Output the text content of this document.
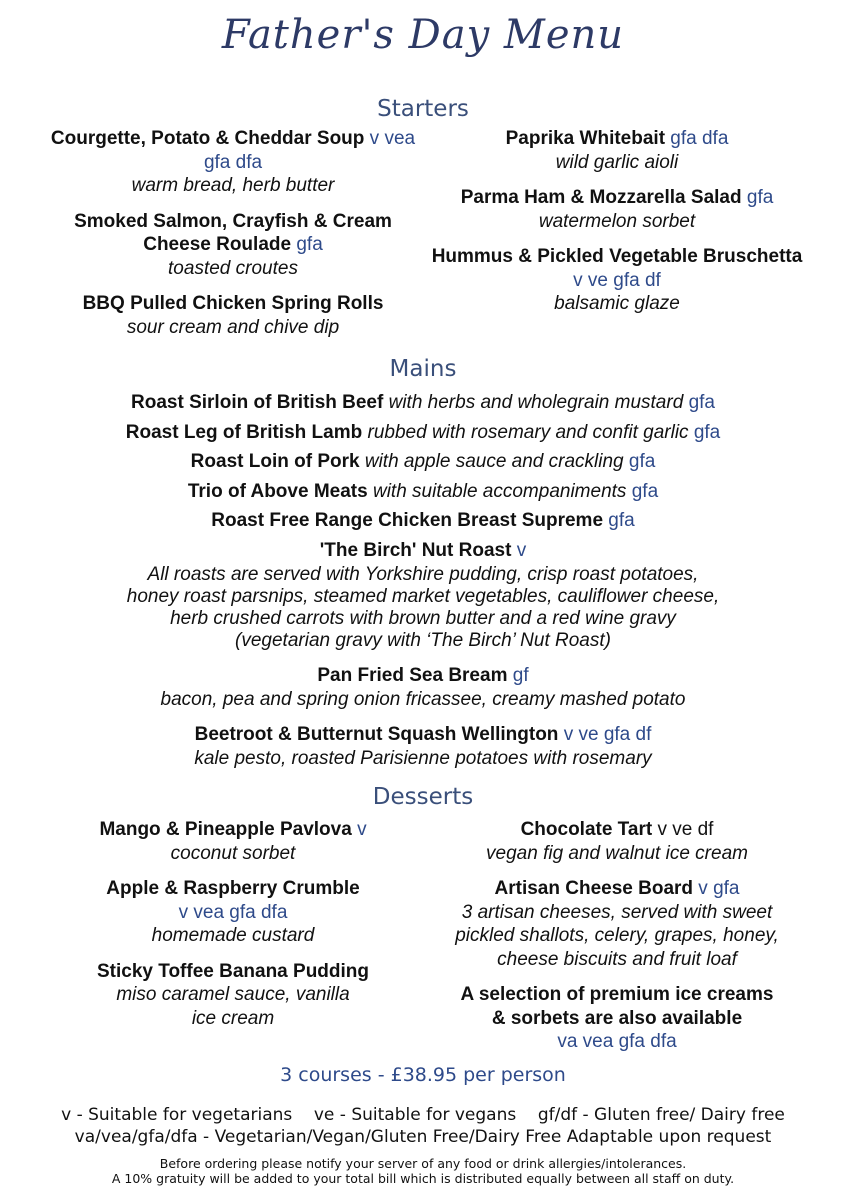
Father's Day Menu
Starters
Courgette, Potato & Cheddar Soup v vea gfa dfa
warm bread, herb butter
Smoked Salmon, Crayfish & Cream Cheese Roulade gfa
toasted croutes
BBQ Pulled Chicken Spring Rolls
sour cream and chive dip
Paprika Whitebait gfa dfa
wild garlic aioli
Parma Ham & Mozzarella Salad gfa
watermelon sorbet
Hummus & Pickled Vegetable Bruschetta v ve gfa df
balsamic glaze
Mains
Roast Sirloin of British Beef with herbs and wholegrain mustard gfa
Roast Leg of British Lamb rubbed with rosemary and confit garlic gfa
Roast Loin of Pork with apple sauce and crackling gfa
Trio of Above Meats with suitable accompaniments gfa
Roast Free Range Chicken Breast Supreme gfa
'The Birch' Nut Roast v
All roasts are served with Yorkshire pudding, crisp roast potatoes,
honey roast parsnips, steamed market vegetables, cauliflower cheese,
herb crushed carrots with brown butter and a red wine gravy
(vegetarian gravy with ‘The Birch’ Nut Roast)
Pan Fried Sea Bream gf
bacon, pea and spring onion fricassee, creamy mashed potato
Beetroot & Butternut Squash Wellington v ve gfa df
kale pesto, roasted Parisienne potatoes with rosemary
Desserts
Mango & Pineapple Pavlova v
coconut sorbet
Apple & Raspberry Crumble
v vea gfa dfa
homemade custard
Sticky Toffee Banana Pudding
miso caramel sauce, vanilla ice cream
Chocolate Tart v ve df
vegan fig and walnut ice cream
Artisan Cheese Board v gfa
3 artisan cheeses, served with sweet pickled shallots, celery, grapes, honey, cheese biscuits and fruit loaf
A selection of premium ice creams & sorbets are also available
va vea gfa dfa
3 courses - £38.95 per person
v - Suitable for vegetarians    ve - Suitable for vegans    gf/df - Gluten free/ Dairy free
va/vea/gfa/dfa - Vegetarian/Vegan/Gluten Free/Dairy Free Adaptable upon request
Before ordering please notify your server of any food or drink allergies/intolerances.
A 10% gratuity will be added to your total bill which is distributed equally between all staff on duty.
